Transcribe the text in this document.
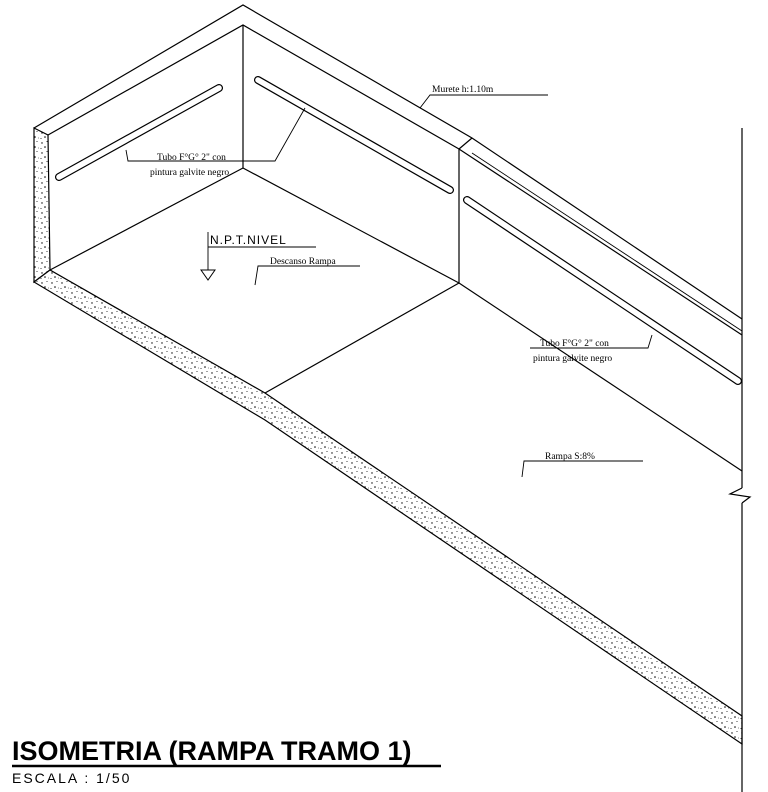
Murete h:1.10m
Tubo F°G° 2" con
pintura galvite negro
N.P.T.NIVEL
Descanso Rampa
Tubo F°G° 2" con
pintura galvite negro
Rampa S:8%
ISOMETRIA (RAMPA TRAMO 1)
ESCALA : 1/50
